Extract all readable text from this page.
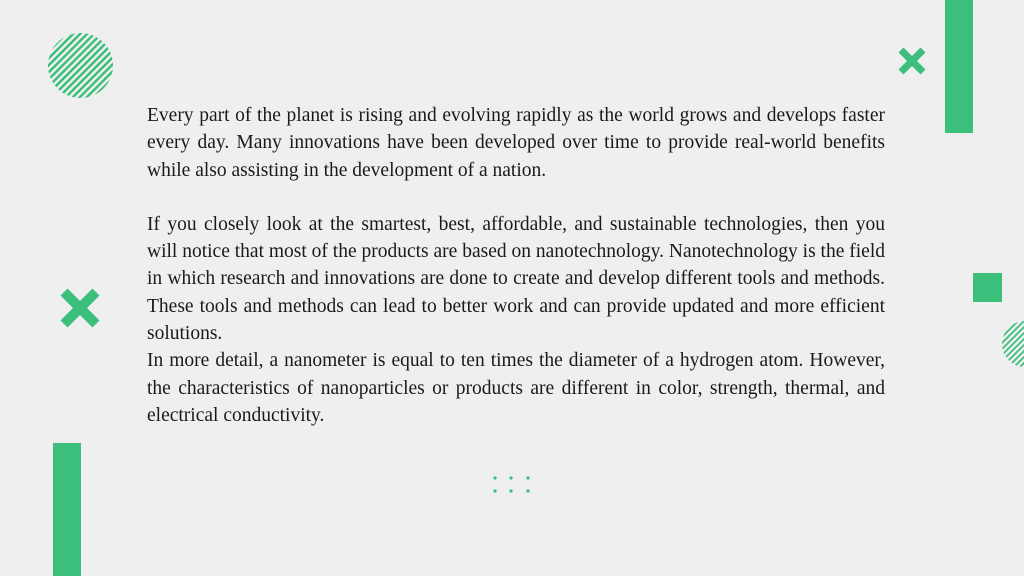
Every part of the planet is rising and evolving rapidly as the world grows and develops faster every day. Many innovations have been developed over time to provide real-world benefits while also assisting in the development of a nation.

If you closely look at the smartest, best, affordable, and sustainable technologies, then you will notice that most of the products are based on nanotechnology. Nanotechnology is the field in which research and innovations are done to create and develop different tools and methods. These tools and methods can lead to better work and can provide updated and more efficient solutions.

In more detail, a nanometer is equal to ten times the diameter of a hydrogen atom. However, the characteristics of nanoparticles or products are different in color, strength, thermal, and electrical conductivity.
